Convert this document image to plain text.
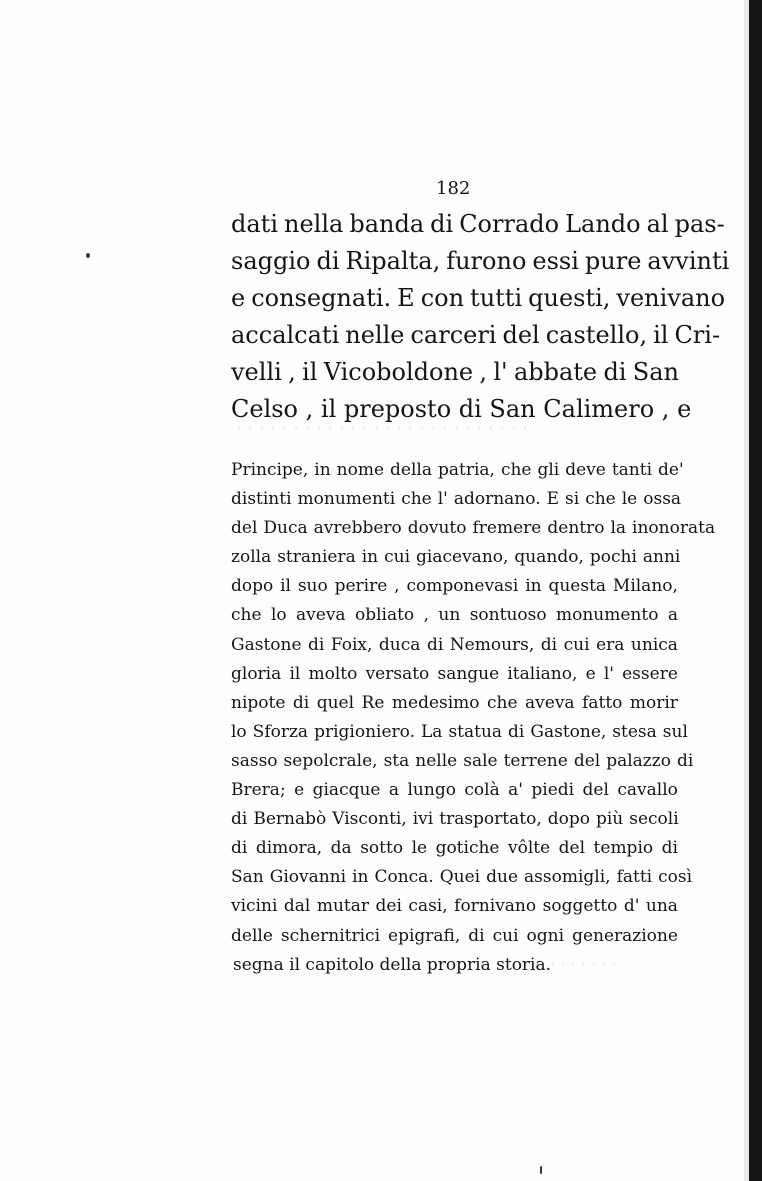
182
· · · · · · · · · · · · · · · · · · · · · · · · · ·
· · · · · · · ·
dati nella banda di Corrado Lando al pas-
saggio di Ripalta, furono essi pure avvinti
e consegnati. E con tutti questi, venivano
accalcati nelle carceri del castello, il Cri-
velli , il Vicoboldone , l' abbate di San
Celso , il preposto di San Calimero , e
Principe, in nome della patria, che gli deve tanti de'
distinti monumenti che l' adornano. E si che le ossa
del Duca avrebbero dovuto fremere dentro la inonorata
zolla straniera in cui giacevano, quando, pochi anni
dopo il suo perire , componevasi in questa Milano,
che lo aveva obliato , un sontuoso monumento a
Gastone di Foix, duca di Nemours, di cui era unica
gloria il molto versato sangue italiano, e l' essere
nipote di quel Re medesimo che aveva fatto morir
lo Sforza prigioniero. La statua di Gastone, stesa sul
sasso sepolcrale, sta nelle sale terrene del palazzo di
Brera; e giacque a lungo colà a' piedi del cavallo
di Bernabò Visconti, ivi trasportato, dopo più secoli
di dimora, da sotto le gotiche vôlte del tempio di
San Giovanni in Conca. Quei due assomigli, fatti così
vicini dal mutar dei casi, fornivano soggetto d' una
delle schernitrici epigrafi, di cui ogni generazione
segna il capitolo della propria storia.
